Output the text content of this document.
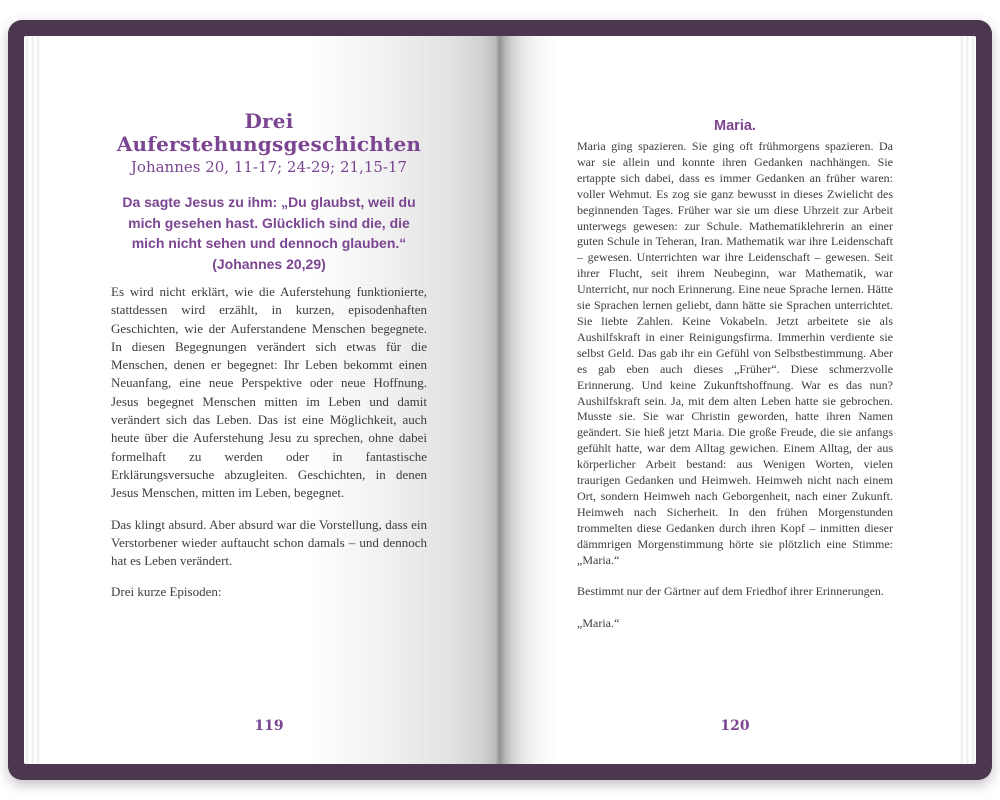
Drei Auferstehungsgeschichten
Johannes 20, 11-17; 24-29; 21,15-17

Da sagte Jesus zu ihm: „Du glaubst, weil du mich gesehen hast. Glücklich sind die, die mich nicht sehen und dennoch glauben.“ (Johannes 20,29)

Es wird nicht erklärt, wie die Auferstehung funktionierte, stattdessen wird erzählt, in kurzen, episodenhaften Geschichten, wie der Auferstandene Menschen begegnete. In diesen Begegnungen verändert sich etwas für die Menschen, denen er begegnet: Ihr Leben bekommt einen Neuanfang, eine neue Perspektive oder neue Hoffnung. Jesus begegnet Menschen mitten im Leben und damit verändert sich das Leben. Das ist eine Möglichkeit, auch heute über die Auferstehung Jesu zu sprechen, ohne dabei formelhaft zu werden oder in fantastische Erklärungsversuche abzugleiten. Geschichten, in denen Jesus Menschen, mitten im Leben, begegnet.

Das klingt absurd. Aber absurd war die Vorstellung, dass ein Verstorbener wieder auftaucht schon damals – und dennoch hat es Leben verändert.

Drei kurze Episoden:

119
Maria.

Maria ging spazieren. Sie ging oft frühmorgens spazieren. Da war sie allein und konnte ihren Gedanken nachhängen. Sie ertappte sich dabei, dass es immer Gedanken an früher waren: voller Wehmut. Es zog sie ganz bewusst in dieses Zwielicht des beginnenden Tages. Früher war sie um diese Uhrzeit zur Arbeit unterwegs gewesen: zur Schule. Mathematiklehrerin an einer guten Schule in Teheran, Iran. Mathematik war ihre Leidenschaft – gewesen. Unterrichten war ihre Leidenschaft – gewesen. Seit ihrer Flucht, seit ihrem Neubeginn, war Mathematik, war Unterricht, nur noch Erinnerung. Eine neue Sprache lernen. Hätte sie Sprachen lernen geliebt, dann hätte sie Sprachen unterrichtet. Sie liebte Zahlen. Keine Vokabeln. Jetzt arbeitete sie als Aushilfskraft in einer Reinigungsfirma. Immerhin verdiente sie selbst Geld. Das gab ihr ein Gefühl von Selbstbestimmung. Aber es gab eben auch dieses „Früher“. Diese schmerzvolle Erinnerung. Und keine Zukunftshoffnung. War es das nun? Aushilfskraft sein. Ja, mit dem alten Leben hatte sie gebrochen. Musste sie. Sie war Christin geworden, hatte ihren Namen geändert. Sie hieß jetzt Maria. Die große Freude, die sie anfangs gefühlt hatte, war dem Alltag gewichen. Einem Alltag, der aus körperlicher Arbeit bestand: aus Wenigen Worten, vielen traurigen Gedanken und Heimweh. Heimweh nicht nach einem Ort, sondern Heimweh nach Geborgenheit, nach einer Zukunft. Heimweh nach Sicherheit. In den frühen Morgenstunden trommelten diese Gedanken durch ihren Kopf – inmitten dieser dämmrigen Morgenstimmung hörte sie plötzlich eine Stimme: „Maria.“

Bestimmt nur der Gärtner auf dem Friedhof ihrer Erinnerungen.

„Maria.“

120
